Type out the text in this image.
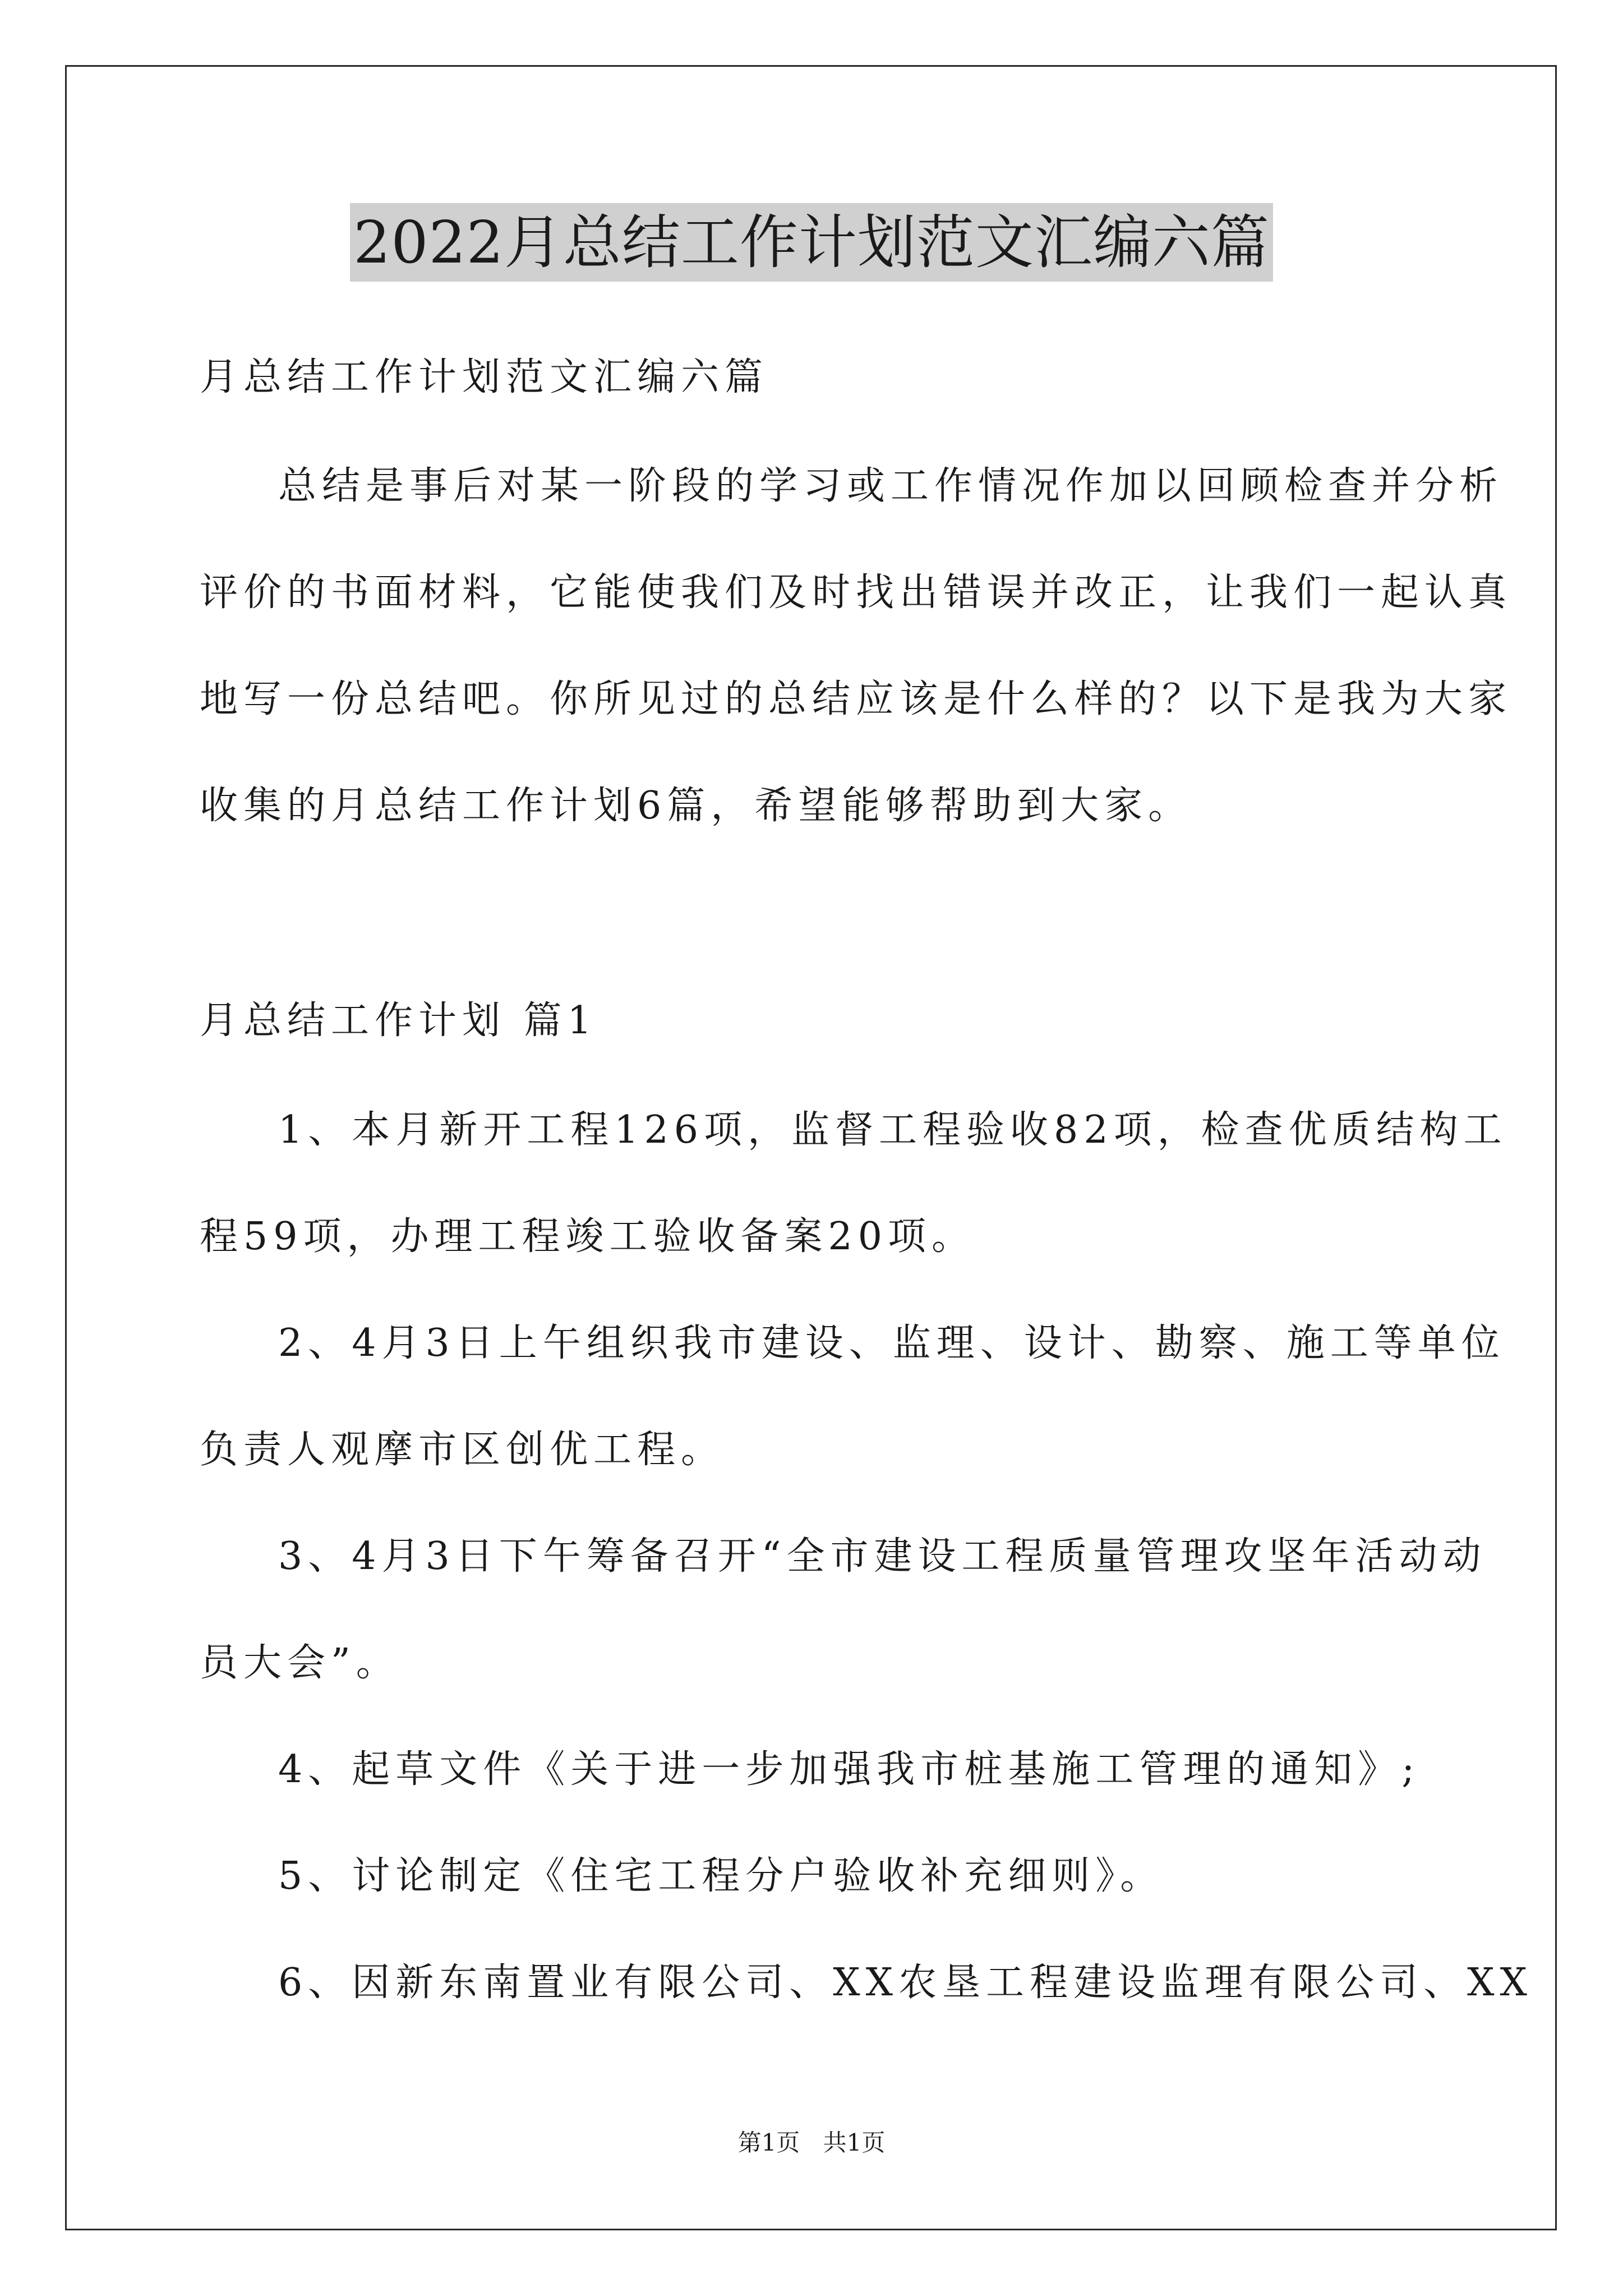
2022月总结工作计划范文汇编六篇
月总结工作计划范文汇编六篇
总结是事后对某一阶段的学习或工作情况作加以回顾检查并分析
评价的书面材料，它能使我们及时找出错误并改正，让我们一起认真
地写一份总结吧。你所见过的总结应该是什么样的？以下是我为大家
收集的月总结工作计划6篇，希望能够帮助到大家。
月总结工作计划 篇1
1、本月新开工程126项，监督工程验收82项，检查优质结构工
程59项，办理工程竣工验收备案20项。
2、4月3日上午组织我市建设、监理、设计、勘察、施工等单位
负责人观摩市区创优工程。
3、4月3日下午筹备召开“全市建设工程质量管理攻坚年活动动
员大会”。
4、起草文件《关于进一步加强我市桩基施工管理的通知》;
5、讨论制定《住宅工程分户验收补充细则》。
6、因新东南置业有限公司、XX农垦工程建设监理有限公司、XX
第1页 共1页
